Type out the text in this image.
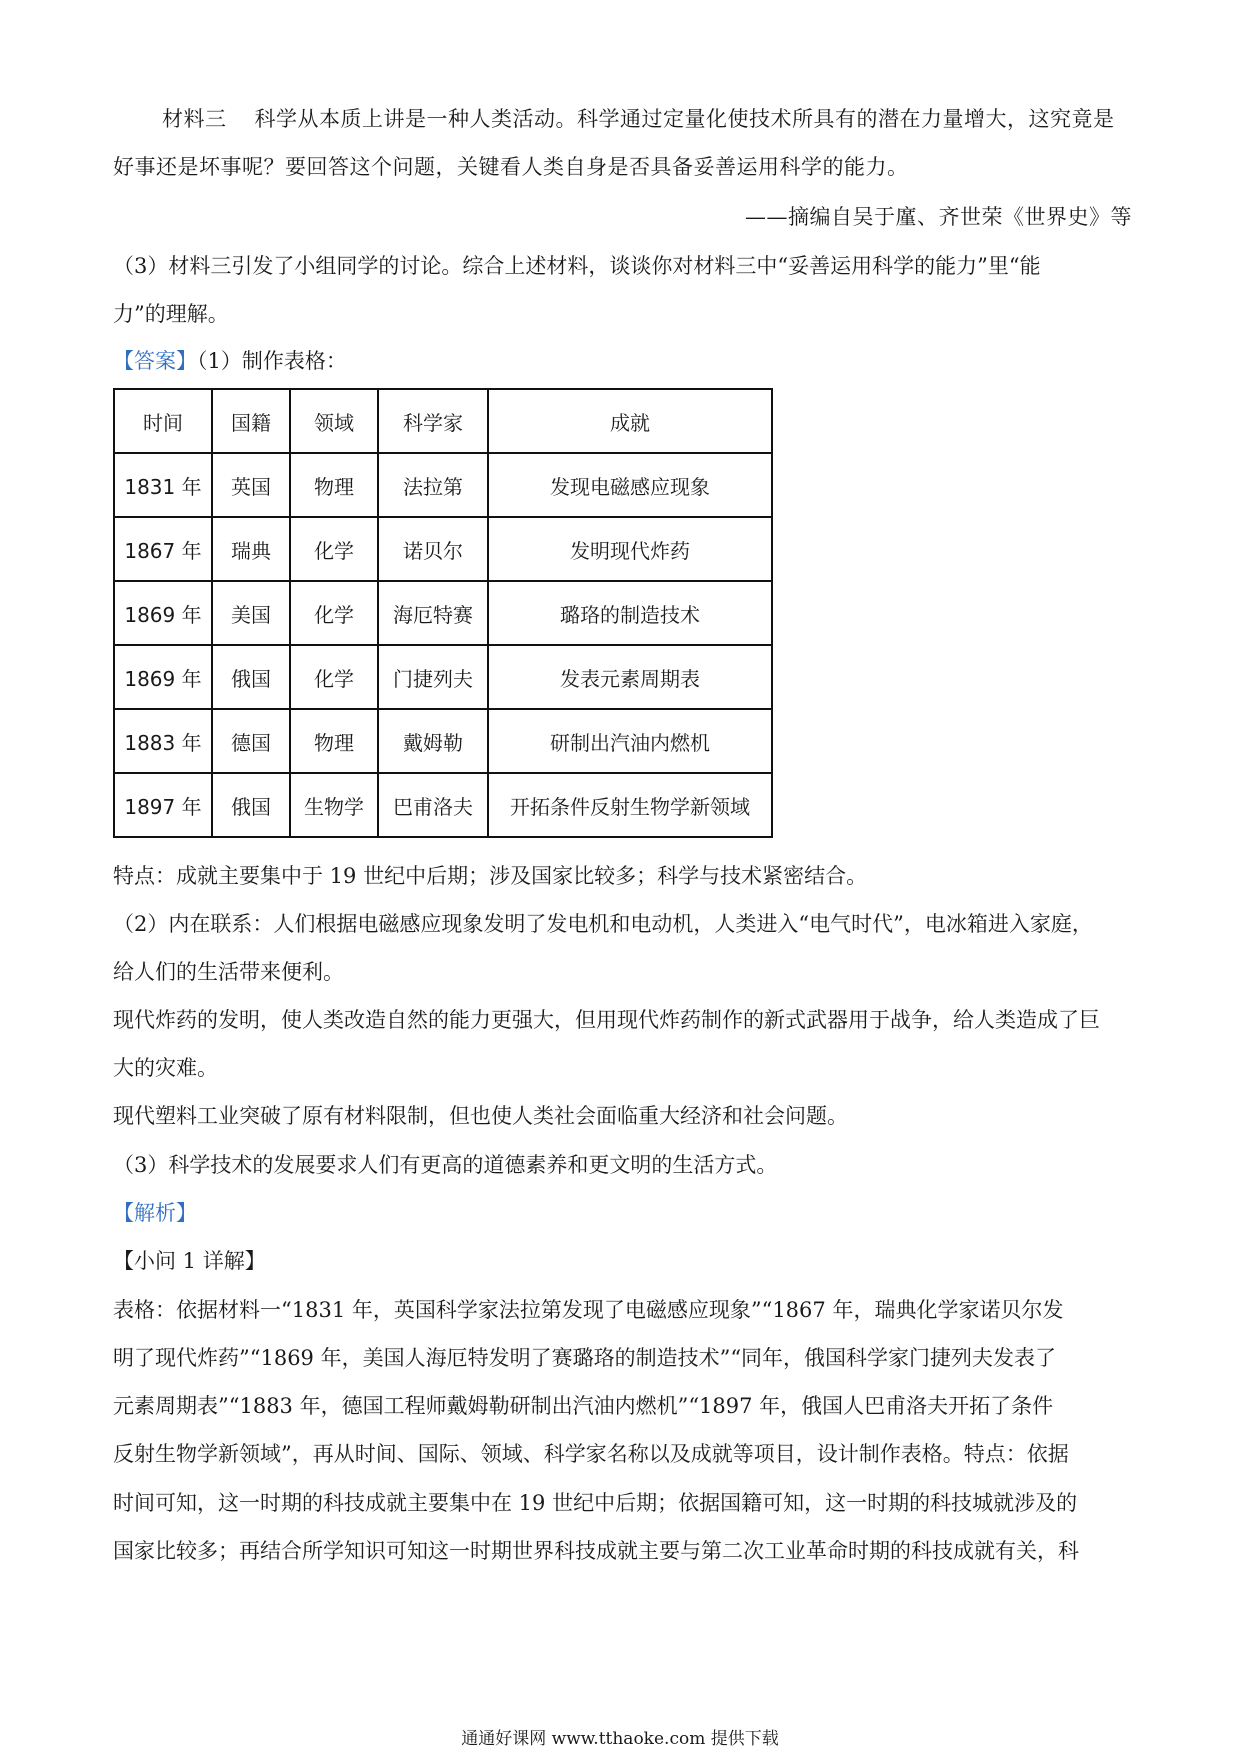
材料三 科学从本质上讲是一种人类活动。科学通过定量化使技术所具有的潜在力量增大，这究竟是
好事还是坏事呢？要回答这个问题，关键看人类自身是否具备妥善运用科学的能力。
——摘编自吴于廑、齐世荣《世界史》等
（3）材料三引发了小组同学的讨论。综合上述材料，谈谈你对材料三中“妥善运用科学的能力”里“能
力”的理解。
【答案】（1）制作表格：
时间	国籍	领域	科学家	成就
1831 年	英国	物理	法拉第	发现电磁感应现象
1867 年	瑞典	化学	诺贝尔	发明现代炸药
1869 年	美国	化学	海厄特赛	璐珞的制造技术
1869 年	俄国	化学	门捷列夫	发表元素周期表
1883 年	德国	物理	戴姆勒	研制出汽油内燃机
1897 年	俄国	生物学	巴甫洛夫	开拓条件反射生物学新领域
特点：成就主要集中于 19 世纪中后期；涉及国家比较多；科学与技术紧密结合。
（2）内在联系：人们根据电磁感应现象发明了发电机和电动机，人类进入“电气时代”，电冰箱进入家庭，
给人们的生活带来便利。
现代炸药的发明，使人类改造自然的能力更强大，但用现代炸药制作的新式武器用于战争，给人类造成了巨
大的灾难。
现代塑料工业突破了原有材料限制，但也使人类社会面临重大经济和社会问题。
（3）科学技术的发展要求人们有更高的道德素养和更文明的生活方式。
【解析】
【小问 1 详解】
表格：依据材料一“1831 年，英国科学家法拉第发现了电磁感应现象”“1867 年，瑞典化学家诺贝尔发
明了现代炸药”“1869 年，美国人海厄特发明了赛璐珞的制造技术”“同年，俄国科学家门捷列夫发表了
元素周期表”“1883 年，德国工程师戴姆勒研制出汽油内燃机”“1897 年，俄国人巴甫洛夫开拓了条件
反射生物学新领域”，再从时间、国际、领域、科学家名称以及成就等项目，设计制作表格。特点：依据
时间可知，这一时期的科技成就主要集中在 19 世纪中后期；依据国籍可知，这一时期的科技城就涉及的
国家比较多；再结合所学知识可知这一时期世界科技成就主要与第二次工业革命时期的科技成就有关，科
通通好课网 www.tthaoke.com 提供下载
